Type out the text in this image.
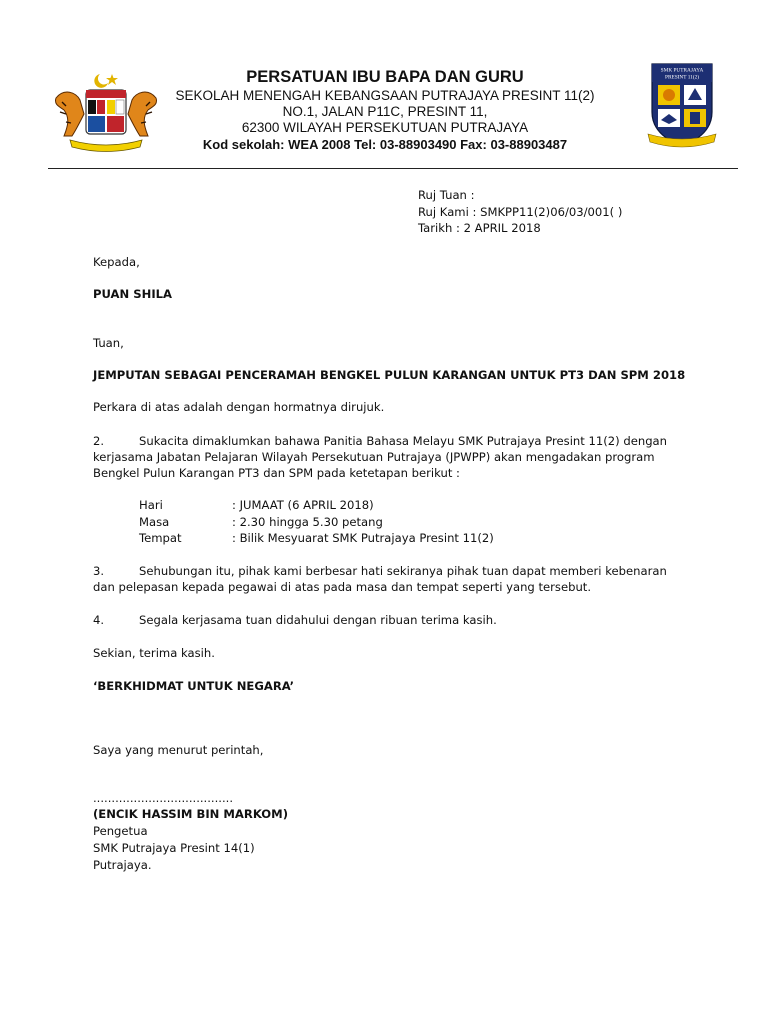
SMK PUTRAJAYA
PRESINT 11(2)
PERSATUAN IBU BAPA DAN GURU
SEKOLAH MENENGAH KEBANGSAAN PUTRAJAYA PRESINT 11(2)
NO.1, JALAN P11C, PRESINT 11,
62300 WILAYAH PERSEKUTUAN PUTRAJAYA
Kod sekolah: WEA 2008 Tel: 03-88903490 Fax: 03-88903487
Ruj Tuan :
Ruj Kami : SMKPP11(2)06/03/001( )
Tarikh : 2 APRIL 2018
Kepada,
PUAN SHILA
Tuan,
JEMPUTAN SEBAGAI PENCERAMAH BENGKEL PULUN KARANGAN UNTUK PT3 DAN SPM 2018
Perkara di atas adalah dengan hormatnya dirujuk.
2.	Sukacita dimaklumkan bahawa Panitia Bahasa Melayu SMK Putrajaya Presint 11(2) dengan
kerjasama Jabatan Pelajaran Wilayah Persekutuan Putrajaya (JPWPP) akan mengadakan program
Bengkel Pulun Karangan PT3 dan SPM pada ketetapan berikut :
Hari	: JUMAAT (6 APRIL 2018)
Masa	: 2.30 hingga 5.30 petang
Tempat	: Bilik Mesyuarat SMK Putrajaya Presint 11(2)
3.	Sehubungan itu, pihak kami berbesar hati sekiranya pihak tuan dapat memberi kebenaran
dan pelepasan kepada pegawai di atas pada masa dan tempat seperti yang tersebut.
4.	Segala kerjasama tuan didahului dengan ribuan terima kasih.
Sekian, terima kasih.
‘BERKHIDMAT UNTUK NEGARA’
Saya yang menurut perintah,
......................................
(ENCIK HASSIM BIN MARKOM)
Pengetua
SMK Putrajaya Presint 14(1)
Putrajaya.
